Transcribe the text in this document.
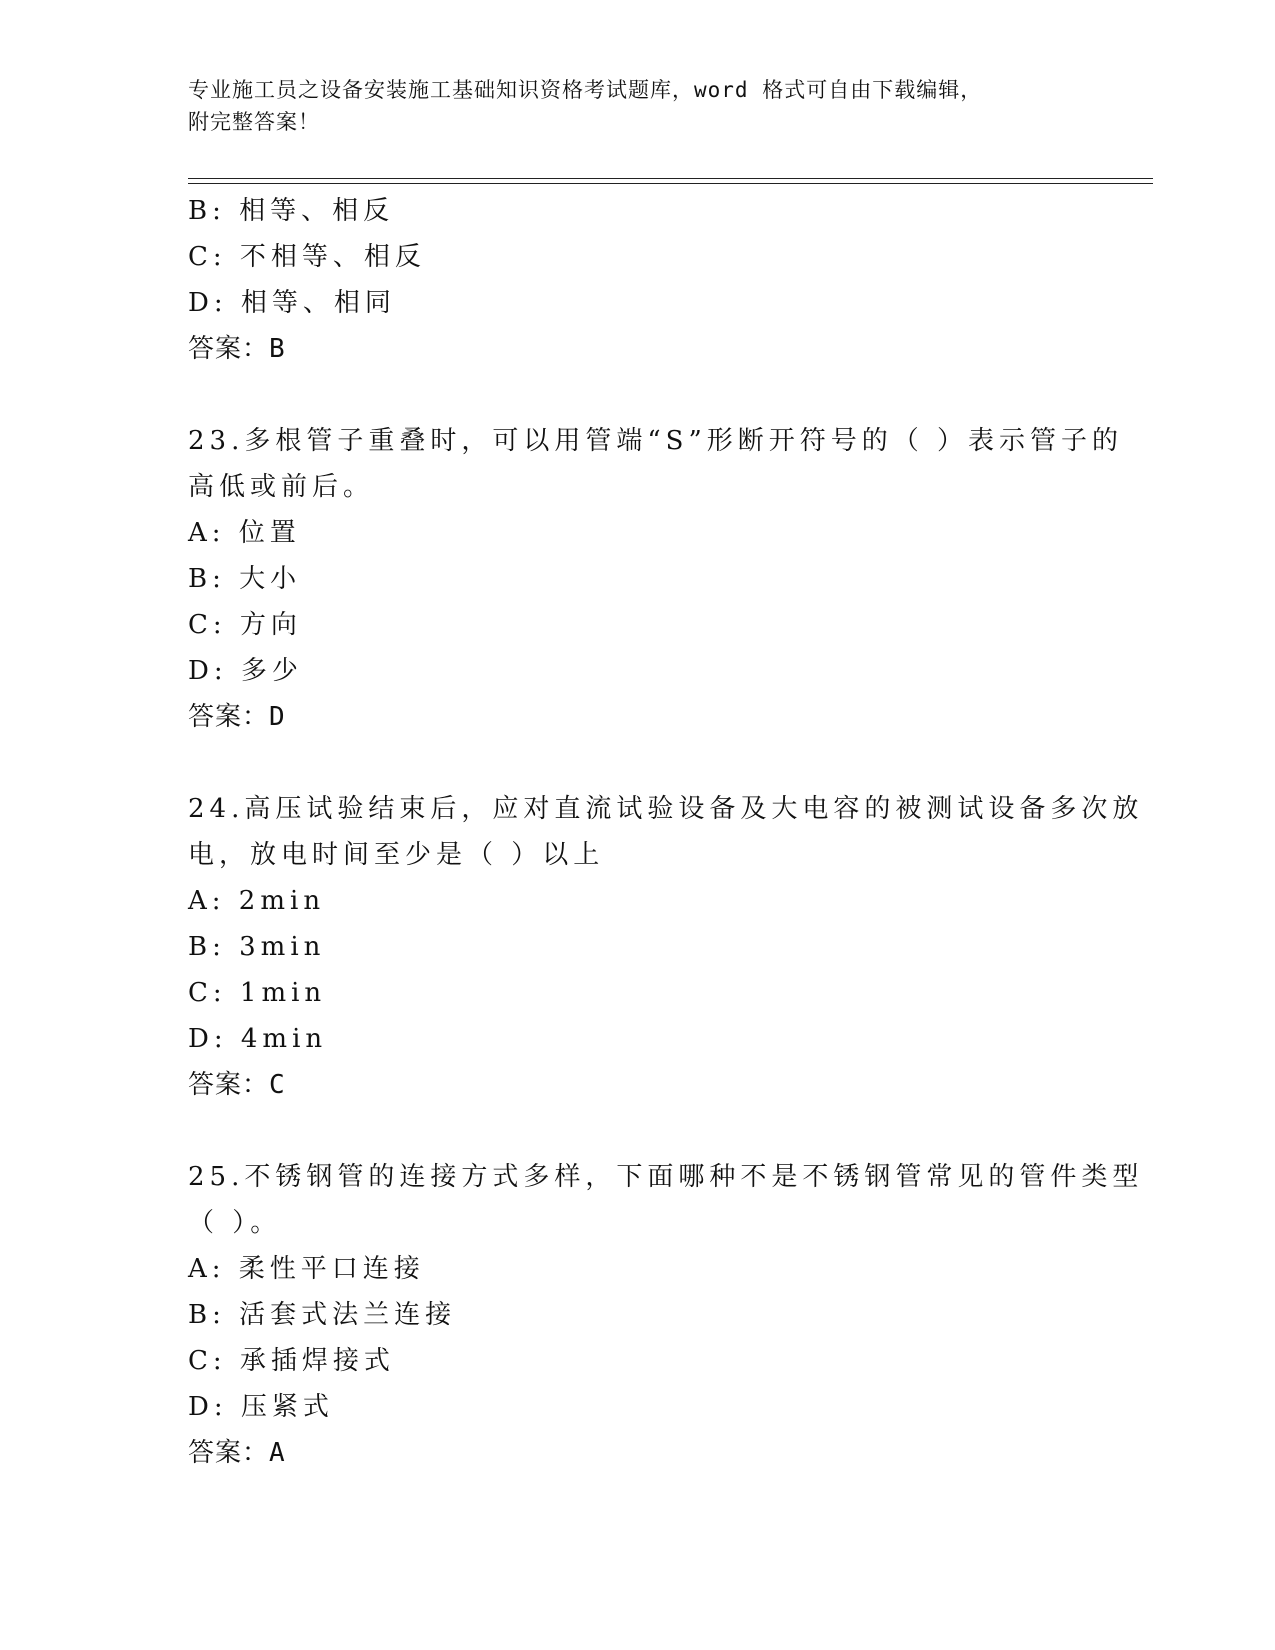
专业施工员之设备安装施工基础知识资格考试题库，word 格式可自由下载编辑，
附完整答案！
B: 相等、相反
C: 不相等、相反
D: 相等、相同
答案：B
23.多根管子重叠时，可以用管端“S”形断开符号的（ ）表示管子的
高低或前后。
A: 位置
B: 大小
C: 方向
D: 多少
答案：D
24.高压试验结束后，应对直流试验设备及大电容的被测试设备多次放
电，放电时间至少是（ ）以上
A: 2min
B: 3min
C: 1min
D: 4min
答案：C
25.不锈钢管的连接方式多样，下面哪种不是不锈钢管常见的管件类型
（ ）。
A: 柔性平口连接
B: 活套式法兰连接
C: 承插焊接式
D: 压紧式
答案：A
